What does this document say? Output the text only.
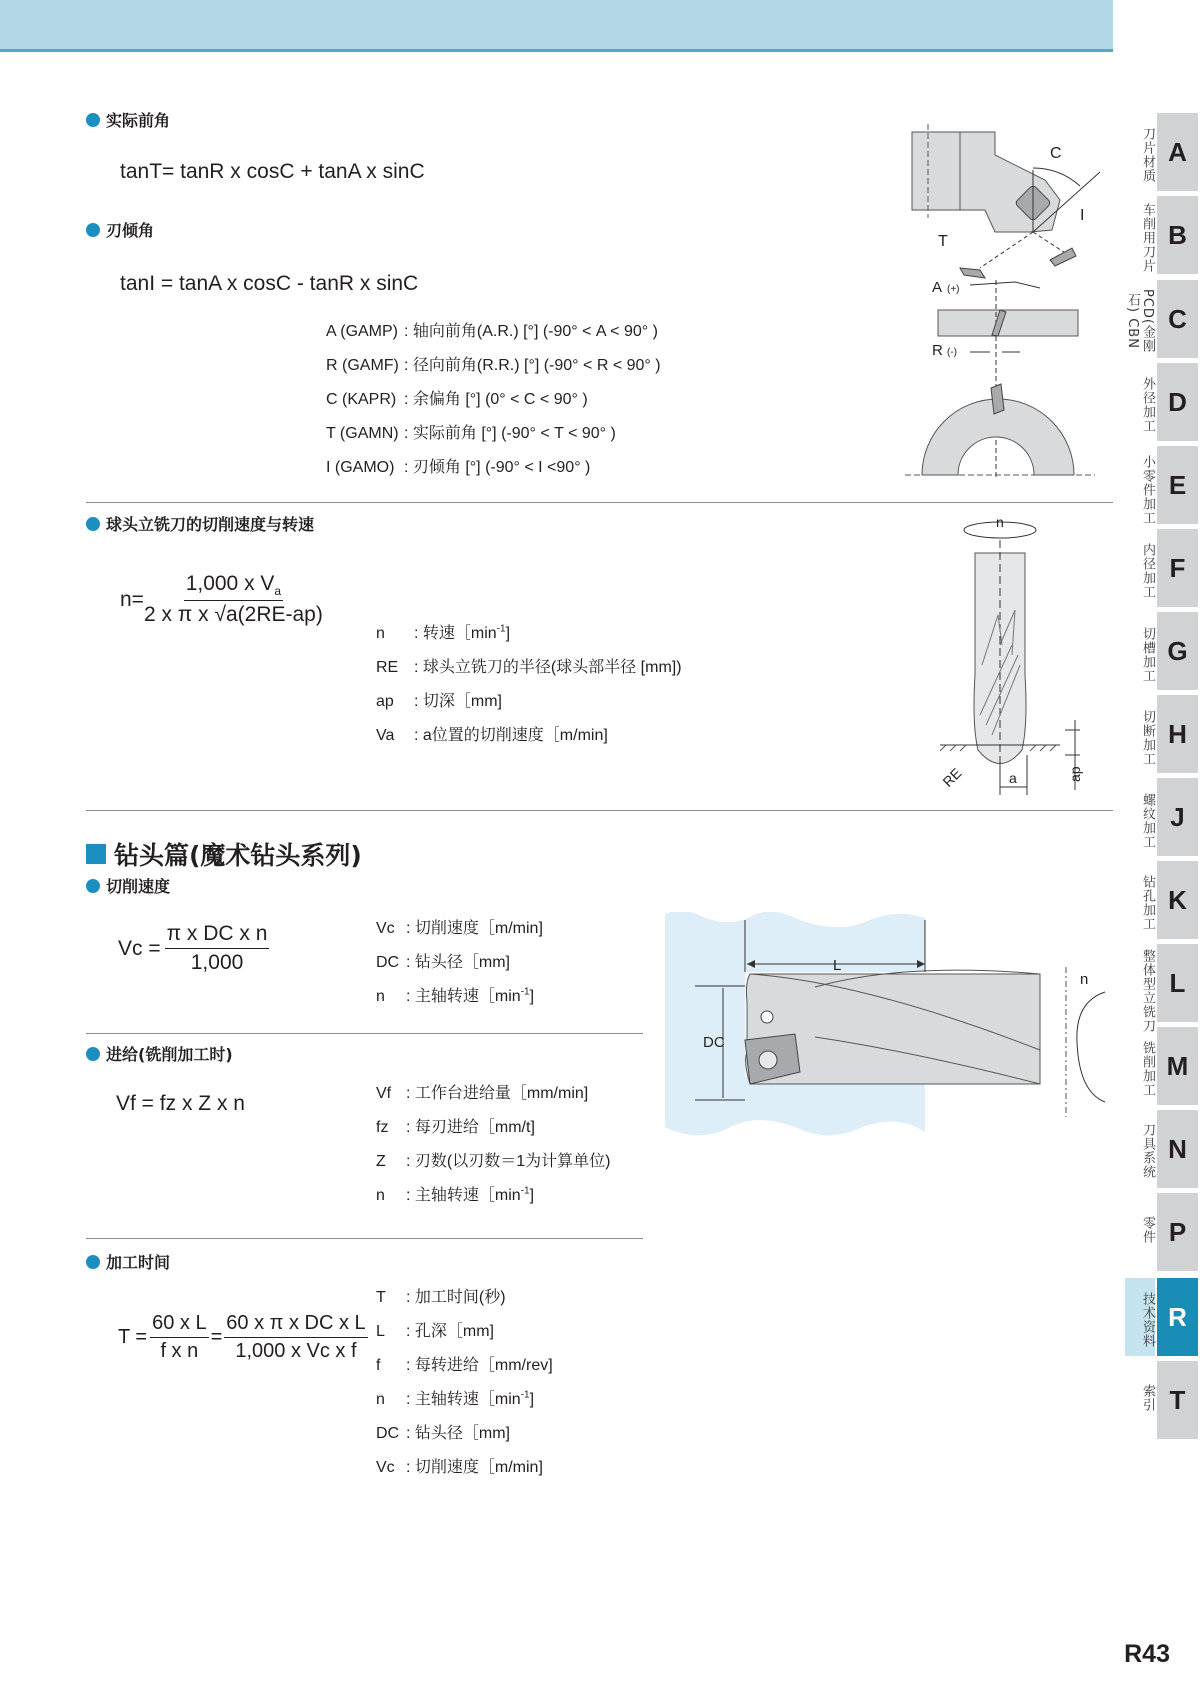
实际前角
tanT= tanR x cosC + tanA x sinC
刃倾角
tanI = tanA x cosC - tanR x sinC
A (GAMP) : 轴向前角(A.R.) [°] (-90° < A < 90° )
R (GAMF) : 径向前角(R.R.) [°] (-90° < R < 90° )
C (KAPR) : 余偏角 [°] (0° < C < 90° )
T (GAMN) : 实际前角 [°] (-90° < T < 90° )
I (GAMO) : 刃倾角 [°] (-90° < I <90° )
C
T
I
A (+)
R (-)
球头立铣刀的切削速度与转速
$n= \frac{1,000 x V_a}{\text{2 x π x √a(2RE-ap)}}$
n : 转速$[\min^{-1}$]
RE : 球头立铣刀的半径(球头部半径 [mm])
ap : 切深［mm]
Va : a位置的切削速度［m/min]
n
ap
a
RE
钻头篇(魔术钻头系列)
切削速度
$Vc = \frac{\text{π x DC x n}}{1,000}$	Vc : 切削速度［m/min]
DC : 钻头径［mm]
n : 主轴转速$[\min^{-1}$]
进给(铣削加工时)
Vf = fz x Z x n	Vf : 工作台进给量［mm/min]
fz : 每刃进给［mm/t]
Z : 刃数(以刃数＝1为计算单位)
n : 主轴转速$[\min^{-1}$]
加工时间
$T = \frac{\text{60 x L}}{\text{f x n}} = \frac{\text{60 x π x DC x L}}{\text{1,000 x Vc x f}}$
T : 加工时间(秒)
L : 孔深［mm]
f : 每转进给［mm/rev]
n : 主轴转速$[\min^{-1}$]
DC : 钻头径［mm]
Vc : 切削速度［m/min]
L
DC
n
刀片材质 A
车削用刀片 B
PCD(金刚石) CBN	C
外径加工 D
小零件加工 E
内径加工 F
切槽加工 G
切断加工 H
螺纹加工 J
钻孔加工 K
整体型立铣刀 L
铣削加工 M
刀具系统 N
零件 P
技术资料 R
索引 T
R43
